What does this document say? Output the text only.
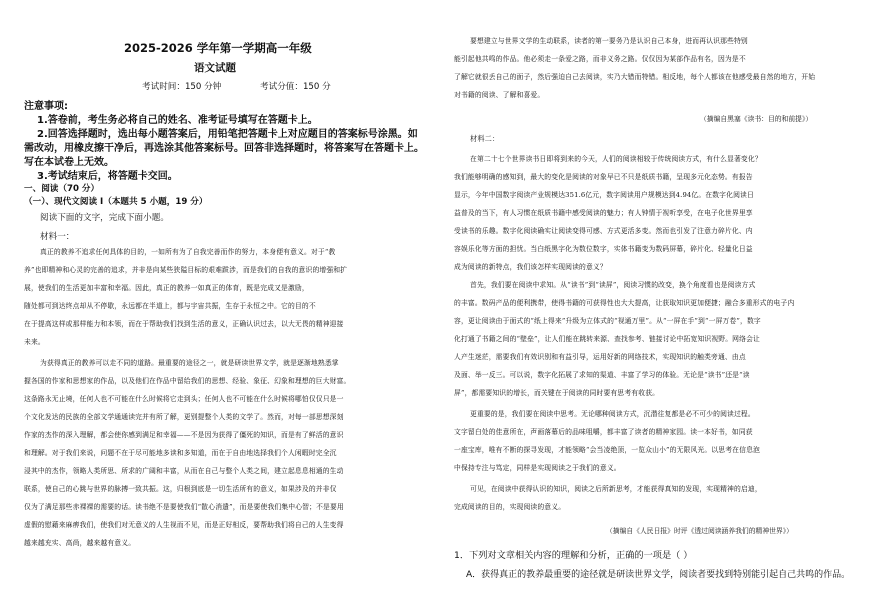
2025-2026 学年第一学期高一年级
语文试题
考试时间：150 分钟	考试分值：150 分
注意事项:
1.答卷前，考生务必将自己的姓名、准考证号填写在答题卡上。
2.回答选择题时，选出每小题答案后，用铅笔把答题卡上对应题目的答案标号涂黑。如
需改动，用橡皮擦干净后，再选涂其他答案标号。回答非选择题时，将答案写在答题卡上。
写在本试卷上无效。
3.考试结束后，将答题卡交回。
一、阅读（70 分）
（一）、现代文阅读 I（本题共 5 小题，19 分）
阅读下面的文字，完成下面小题。
材料一：
真正的教养不追求任何具体的目的，一如所有为了自我完善而作的努力，本身便有意义。对于“教
养”也即精神和心灵的完善的追求，并非是向某些狭隘目标的艰难跋涉，而是我们的自我的意识的增强和扩
展，使我们的生活更加丰富和幸福。因此，真正的教养一如真正的体育，既是完成又是激励，
随处都可到达终点却从不停歇，永远都在半道上，都与宇宙共振，生存于永恒之中。它的目的不
在于提高这样或那样能力和本领，而在于帮助我们找到生活的意义，正确认识过去，以大无畏的精神迎接
未来。
为获得真正的教养可以走不同的道路。最重要的途径之一，就是研读世界文学，就是逐渐地熟悉掌
握各国的作家和思想家的作品，以及他们在作品中留给我们的思想、经验、象征、幻象和理想的巨大财富。
这条路永无止境，任何人也不可能在什么时候将它走到头；任何人也不可能在什么时候将哪怕仅仅只是一
个文化发达的民族的全部文学通通读完并有所了解，更别提整个人类的文学了。然而，对每一部思想深刻
作家的杰作的深入理解，都会使你感到满足和幸福——不是因为获得了僵死的知识，而是有了鲜活的意识
和理解。对于我们来说，问题不在于尽可能地多读和多知道，而在于自由地选择我们个人闲暇时完全沉
浸其中的杰作，领略人类所思、所求的广阔和丰富，从而在自己与整个人类之间，建立起息息相通的生动
联系，使自己的心跳与世界的脉搏一致共振。这，归根到底是一切生活所有的意义，如果涉及的并非仅
仅为了满足那些赤裸裸的需要的话。读书绝不是要使我们“散心消遣”，而是要使我们集中心智；不是要用
虚假的慰藉来麻痹我们，使我们对无意义的人生视而不见，而是正好相反，要帮助我们将自己的人生变得
越来越充实、高尚，越来越有意义。
要想建立与世界文学的生动联系，读者的第一要务乃是认识自己本身，进而再认识那些特别
能引起他共鸣的作品。他必须走一条爱之路，而非义务之路。仅仅因为某部作品有名，因为是不
了解它就很丢自己的面子，然后强迫自己去阅读，实乃大错而特错。相反地，每个人都该在他感受最自然的地方，开始
对书籍的阅读、了解和喜爱。
（摘编自黑塞《读书：目的和前提》）
材料二：
在第二十七个世界读书日即将到来的今天，人们的阅读相较于传统阅读方式，有什么显著变化？
我们能够明确的感知到，最大的变化是阅读的对象早已不只是纸质书籍，呈现多元化态势。有报告
显示，今年中国数字阅读产业规模达351.6亿元，数字阅读用户规模达到4.94亿。在数字化阅读日
益普及的当下，有人习惯在纸质书籍中感受阅读的魅力；有人钟情于视听享受，在电子化世界里享
受读书的乐趣。数字化阅读确实让阅读变得可感、方式更活多变。然而也引发了注意力碎片化、内
容娱乐化等方面的担忧。当白纸黑字化为数位数字，实体书籍变为数码屏幕，碎片化、轻量化日益
成为阅读的新特点，我们该怎样实现阅读的意义？
首先，我们要在阅读中求知。从“读书”到“读屏”，阅读习惯的改变，换个角度看也是阅读方式
的丰富。数码产品的便利携带，使得书籍的可获得性也大大提高，让获取知识更加便捷；融合多重形式的电子内
容，更让阅读由于面式的“纸上得来”升级为立体式的“视通万里”。从“一屏在手”到“一屏万卷”，数字
化打通了书籍之间的“壁垒”，让人们能在跳转来源、查找参考、链接讨论中拓宽知识视野。网络会让
人产生迷茫，需要我们有效识别和有益引导，运用好新的网络技术，实现知识的触类旁通、由点
及面、举一反三。可以说，数字化拓展了求知的渠道、丰富了学习的体验。无论是“读书”还是“读
屏”，都需要知识的增长，而关键在于阅读的同时要有思考有收获。
更重要的是，我们要在阅读中思考。无论哪种阅读方式，沉潜往复都是必不可少的阅读过程。
文字留白处的佳意所在，声画落幕后的品味咀嚼，都丰富了读者的精神家园。读一本好书，如同获
一座宝库，唯有不断的探寻发现，才能领略“会当凌绝顶，一览众山小”的无限风光。以思考在信息泡
中保持专注与笃定，同样是实现阅读之于我们的意义。
可见，在阅读中获得认识的知识，阅读之后所新思考，才能获得真知的发现，实现精神的启迪，
完成阅读的目的，实现阅读的意义。
（摘编自《人民日报》时评《透过阅读涵养我们的精神世界》）
1．下列对文章相关内容的理解和分析，正确的一项是（ ）
A．获得真正的教养最重要的途径就是研读世界文学，阅读者要找到特别能引起自己共鸣的作品。
